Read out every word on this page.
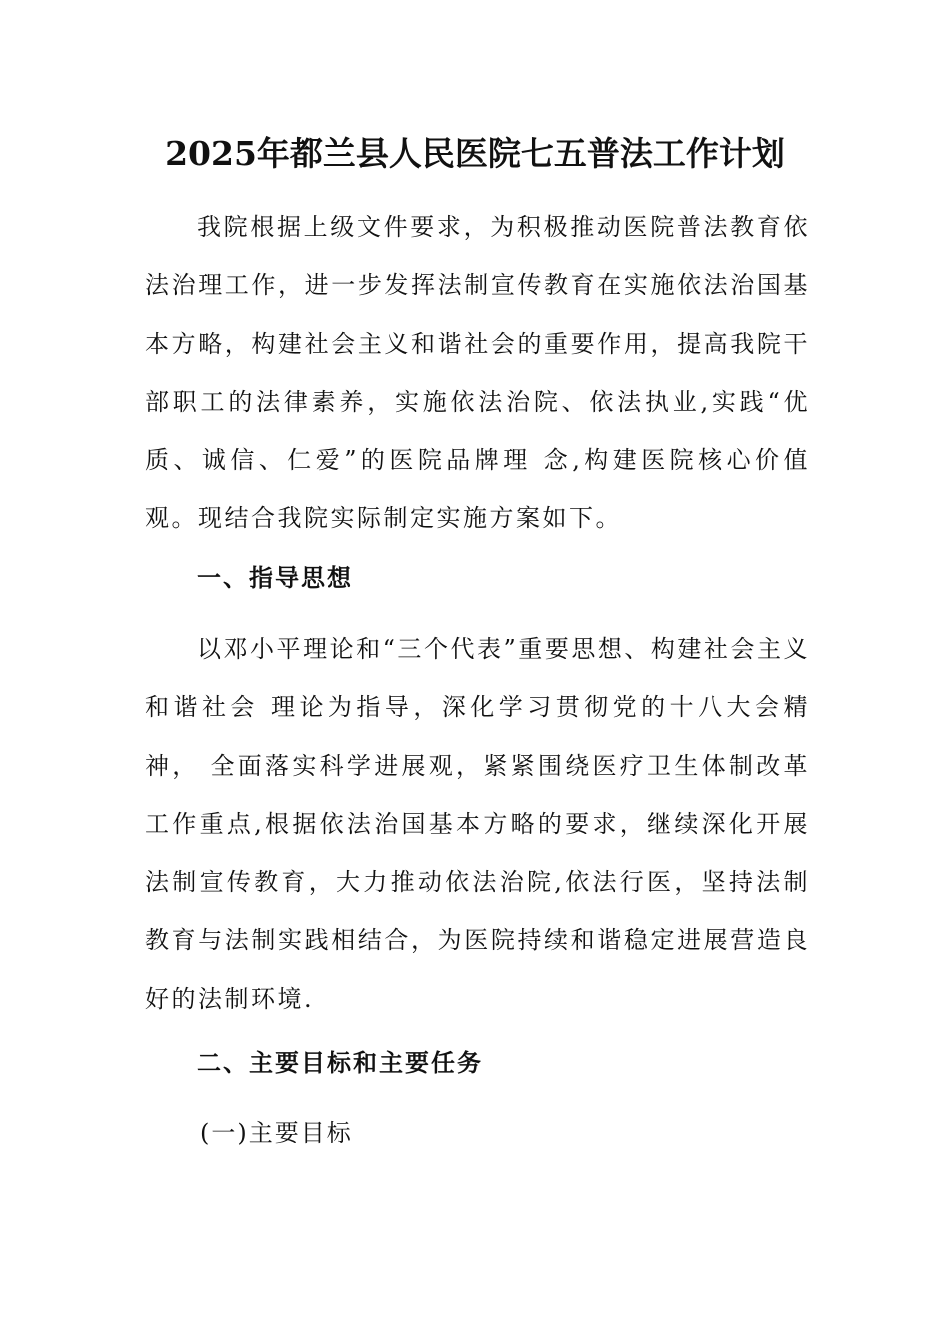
2025年都兰县人民医院七五普法工作计划

我院根据上级文件要求，为积极推动医院普法教育依法治理工作，进一步发挥法制宣传教育在实施依法治国基本方略，构建社会主义和谐社会的重要作用，提高我院干部职工的法律素养，实施依法治院、依法执业,实践“优质、诚信、仁爱”的医院品牌理 念,构建医院核心价值观。现结合我院实际制定实施方案如下。

一、指导思想

以邓小平理论和“三个代表”重要思想、构建社会主义和谐社会 理论为指导，深化学习贯彻党的十八大会精神， 全面落实科学进展观，紧紧围绕医疗卫生体制改革工作重点,根据依法治国基本方略的要求，继续深化开展法制宣传教育，大力推动依法治院,依法行医，坚持法制教育与法制实践相结合，为医院持续和谐稳定进展营造良好的法制环境.

二、主要目标和主要任务

(一)主要目标
